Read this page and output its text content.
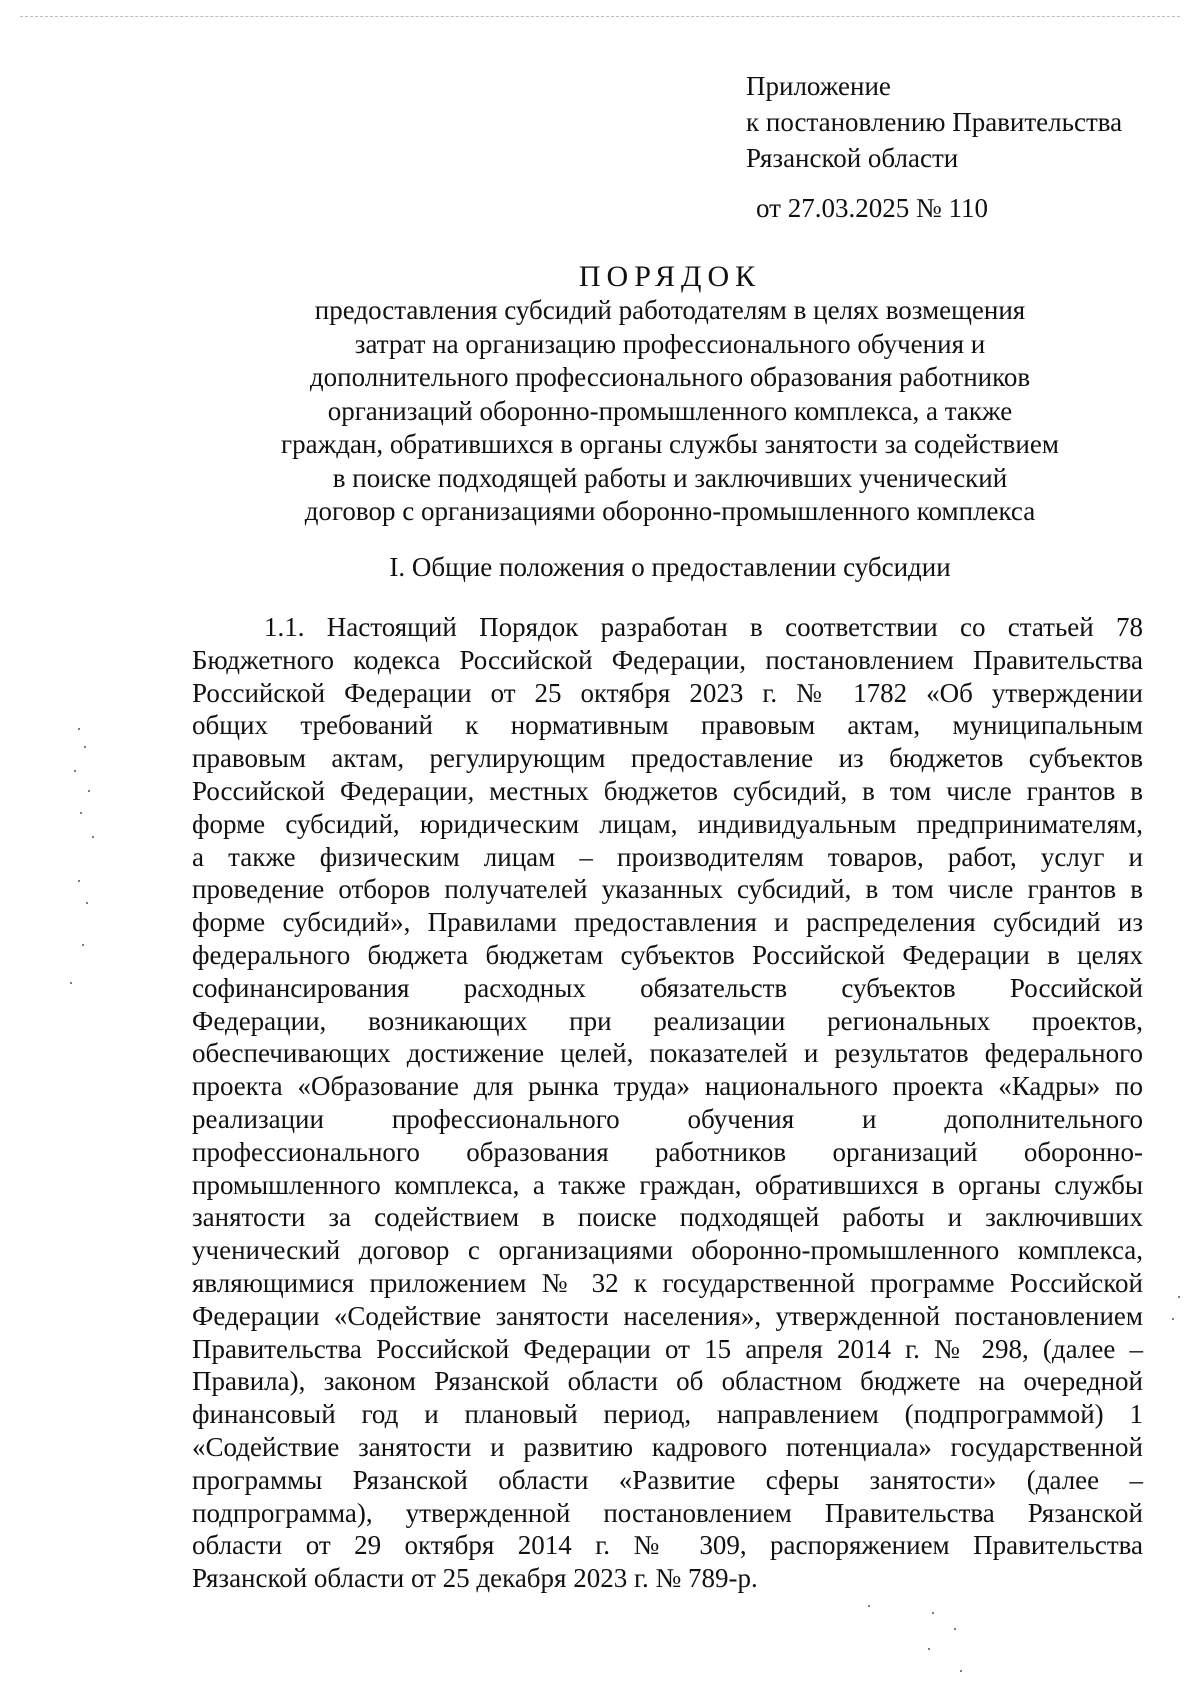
Приложение
к постановлению Правительства
Рязанской области
от 27.03.2025 № 110
ПОРЯДОК
предоставления субсидий работодателям в целях возмещения
затрат на организацию профессионального обучения и
дополнительного профессионального образования работников
организаций оборонно-промышленного комплекса, а также
граждан, обратившихся в органы службы занятости за содействием
в поиске подходящей работы и заключивших ученический
договор с организациями оборонно-промышленного комплекса
I. Общие положения о предоставлении субсидии
1.1. Настоящий Порядок разработан в соответствии со статьей 78
Бюджетного кодекса Российской Федерации, постановлением Правительства
Российской Федерации от 25 октября 2023 г. № 1782 «Об утверждении
общих требований к нормативным правовым актам, муниципальным
правовым актам, регулирующим предоставление из бюджетов субъектов
Российской Федерации, местных бюджетов субсидий, в том числе грантов в
форме субсидий, юридическим лицам, индивидуальным предпринимателям,
а также физическим лицам – производителям товаров, работ, услуг и
проведение отборов получателей указанных субсидий, в том числе грантов в
форме субсидий», Правилами предоставления и распределения субсидий из
федерального бюджета бюджетам субъектов Российской Федерации в целях
софинансирования расходных обязательств субъектов Российской
Федерации, возникающих при реализации региональных проектов,
обеспечивающих достижение целей, показателей и результатов федерального
проекта «Образование для рынка труда» национального проекта «Кадры» по
реализации профессионального обучения и дополнительного
профессионального образования работников организаций оборонно-
промышленного комплекса, а также граждан, обратившихся в органы службы
занятости за содействием в поиске подходящей работы и заключивших
ученический договор с организациями оборонно-промышленного комплекса,
являющимися приложением № 32 к государственной программе Российской
Федерации «Содействие занятости населения», утвержденной постановлением
Правительства Российской Федерации от 15 апреля 2014 г. № 298, (далее –
Правила), законом Рязанской области об областном бюджете на очередной
финансовый год и плановый период, направлением (подпрограммой) 1
«Содействие занятости и развитию кадрового потенциала» государственной
программы Рязанской области «Развитие сферы занятости» (далее –
подпрограмма), утвержденной постановлением Правительства Рязанской
области от 29 октября 2014 г. № 309, распоряжением Правительства
Рязанской области от 25 декабря 2023 г. № 789-р.
